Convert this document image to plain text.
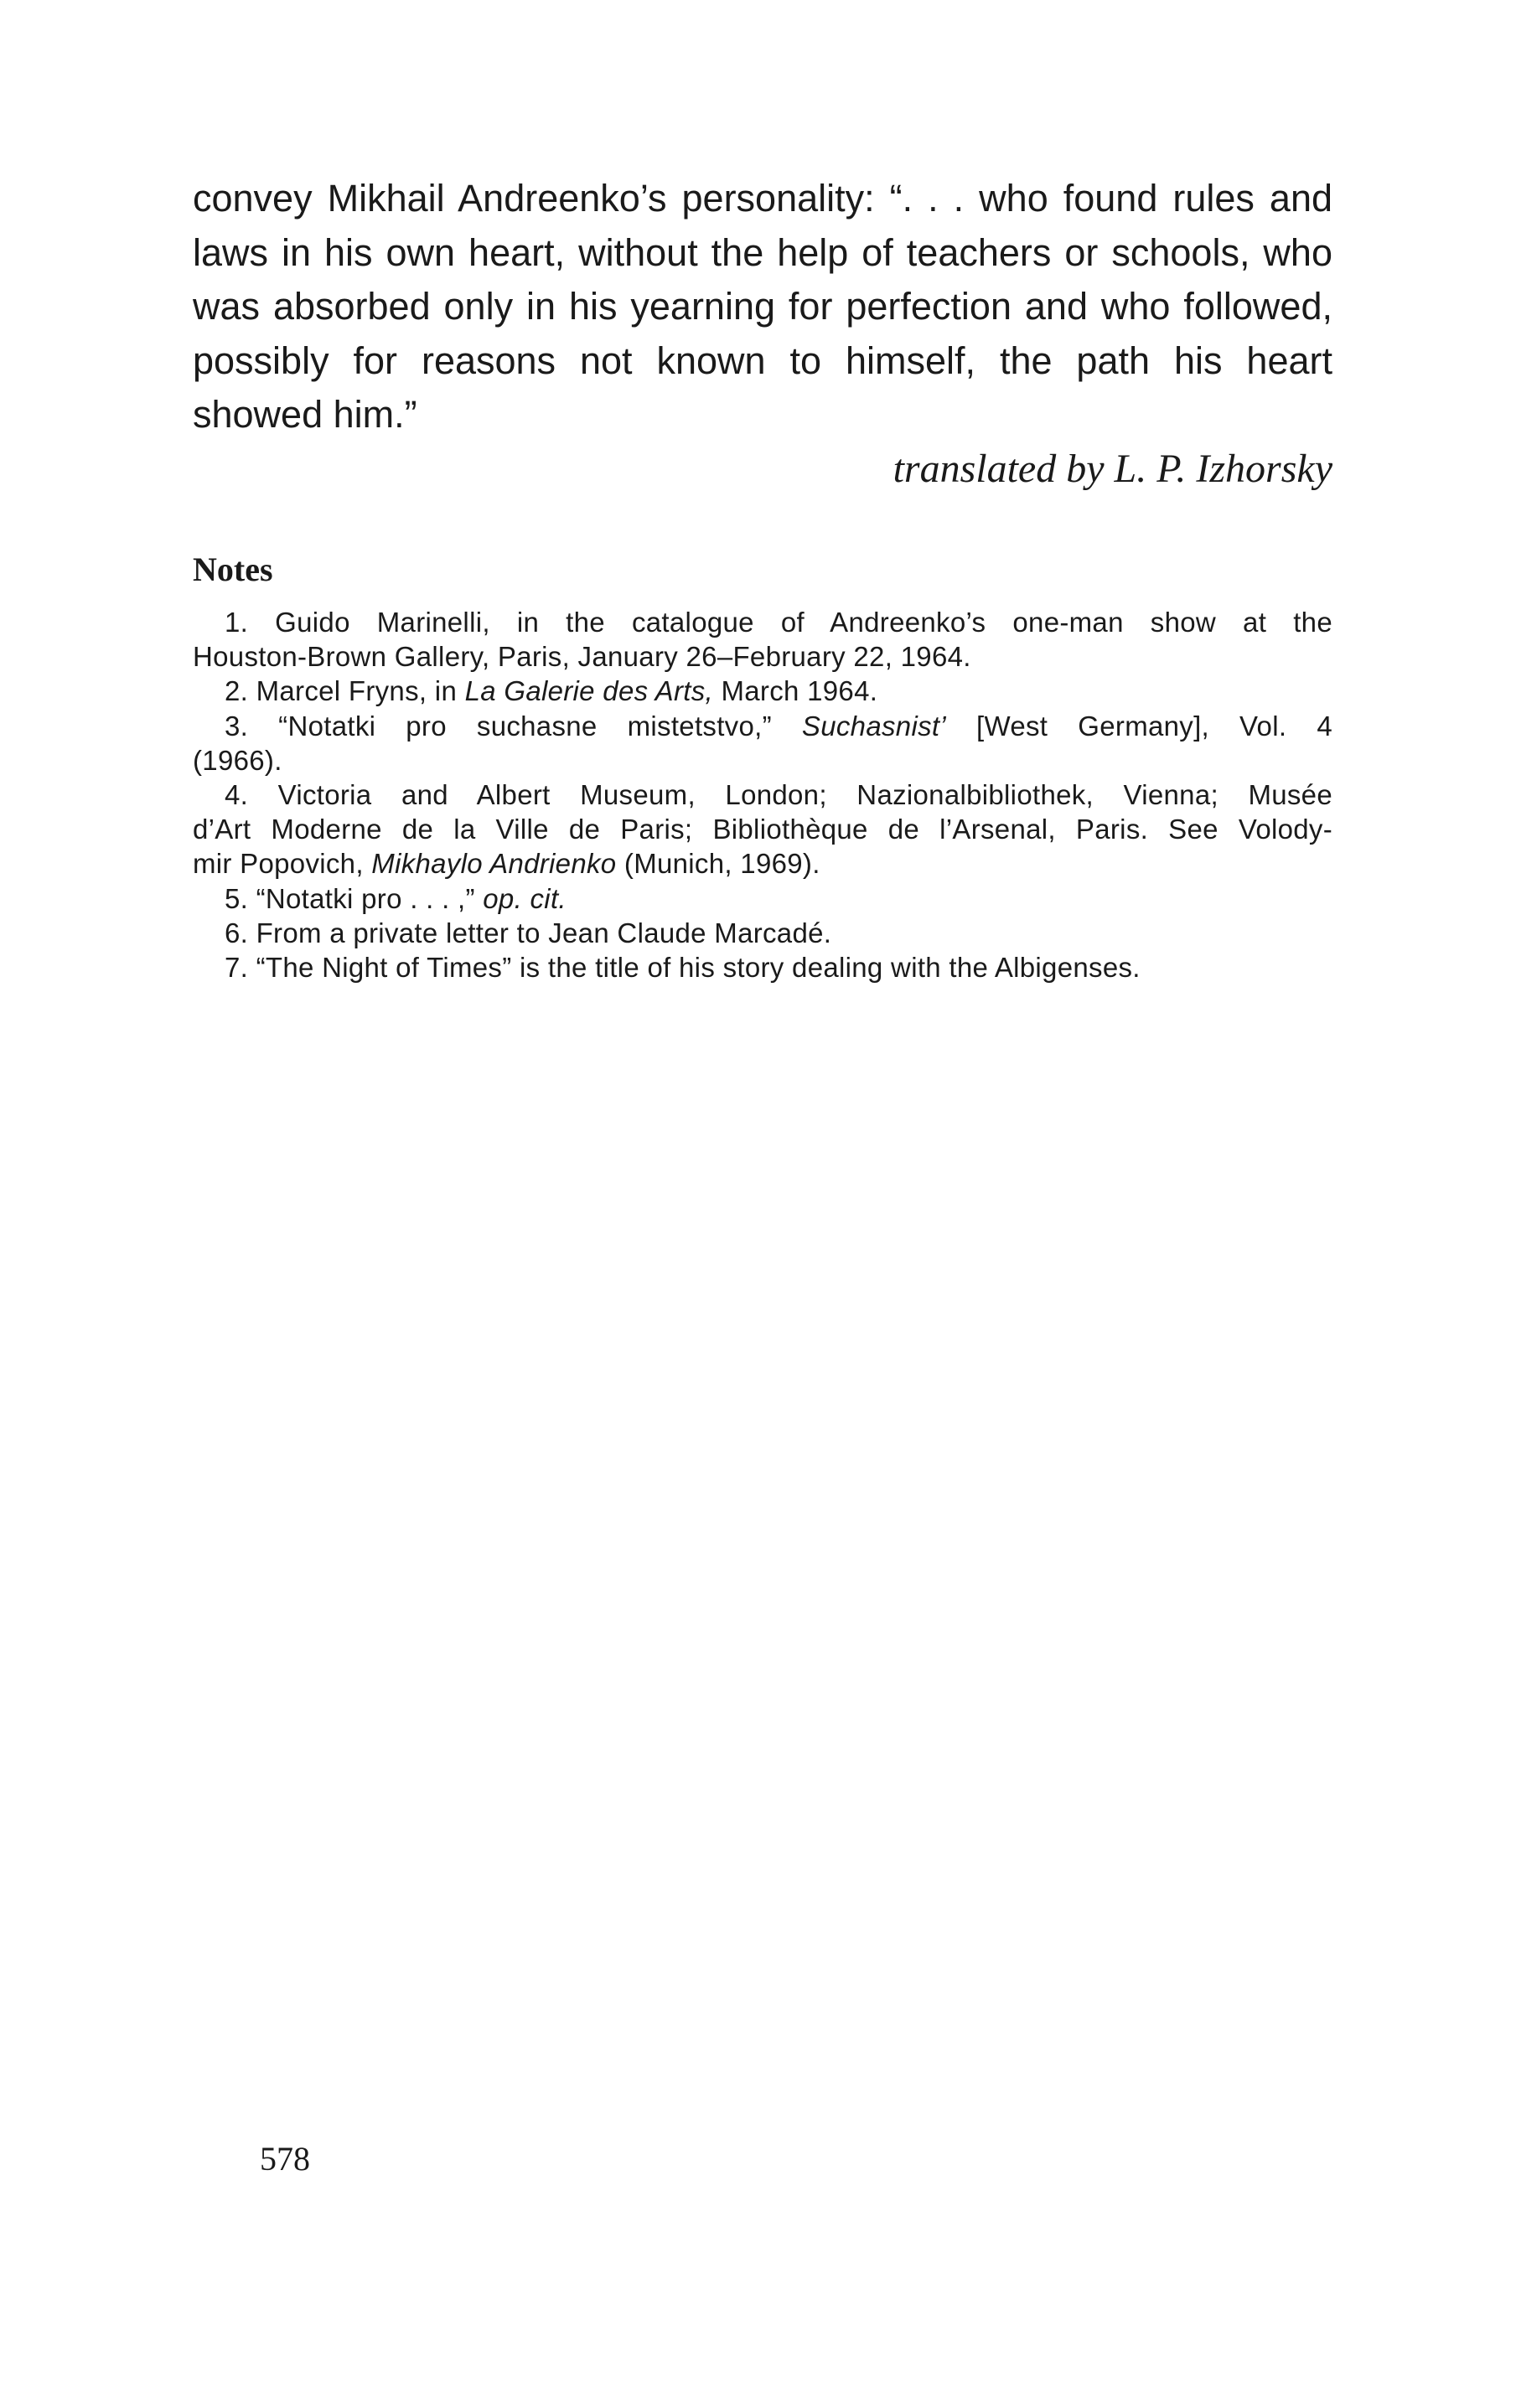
convey Mikhail Andreenko’s personality: “. . . who found rules and
laws in his own heart, without the help of teachers or schools, who
was absorbed only in his yearning for perfection and who followed,
possibly for reasons not known to himself, the path his heart
showed him.”
translated by L. P. Izhorsky
Notes
1. Guido Marinelli, in the catalogue of Andreenko’s one-man show at the
Houston-Brown Gallery, Paris, January 26–February 22, 1964.
2. Marcel Fryns, in La Galerie des Arts, March 1964.
3. “Notatki pro suchasne mistetstvo,” Suchasnist’ [West Germany], Vol. 4
(1966).
4. Victoria and Albert Museum, London; Nazionalbibliothek, Vienna; Musée
d’Art Moderne de la Ville de Paris; Bibliothèque de l’Arsenal, Paris. See Volody-
mir Popovich, Mikhaylo Andrienko (Munich, 1969).
5. “Notatki pro . . . ,” op. cit.
6. From a private letter to Jean Claude Marcadé.
7. “The Night of Times” is the title of his story dealing with the Albigenses.
578
